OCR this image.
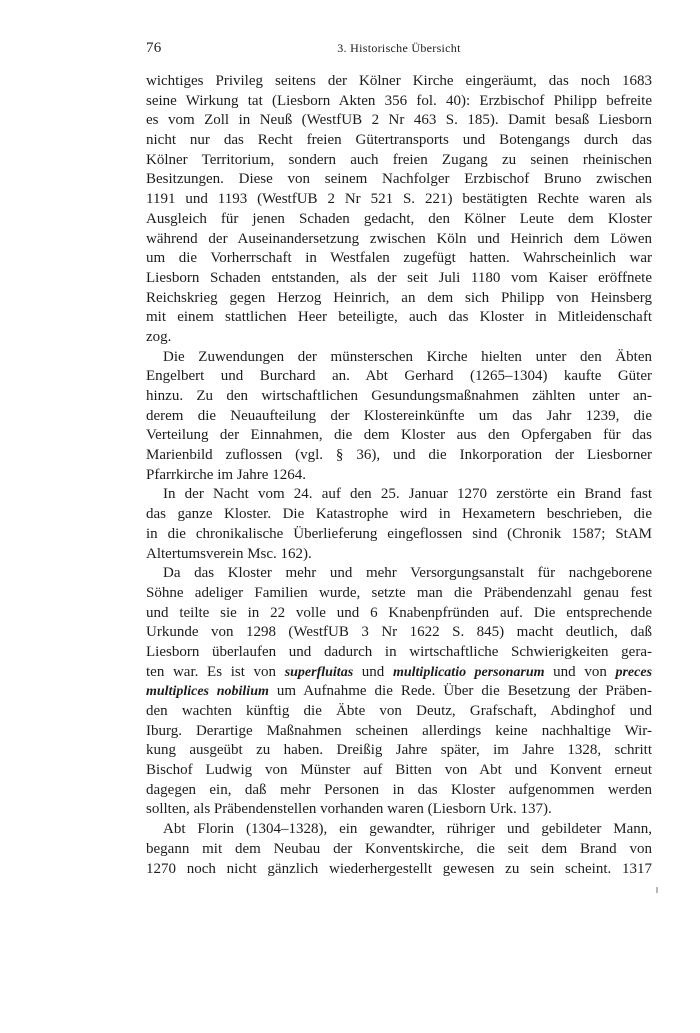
76	3. Historische Übersicht
wichtiges Privileg seitens der Kölner Kirche eingeräumt, das noch 1683
seine Wirkung tat (Liesborn Akten 356 fol. 40): Erzbischof Philipp befreite
es vom Zoll in Neuß (WestfUB 2 Nr 463 S. 185). Damit besaß Liesborn
nicht nur das Recht freien Gütertransports und Botengangs durch das
Kölner Territorium, sondern auch freien Zugang zu seinen rheinischen
Besitzungen. Diese von seinem Nachfolger Erzbischof Bruno zwischen
1191 und 1193 (WestfUB 2 Nr 521 S. 221) bestätigten Rechte waren als
Ausgleich für jenen Schaden gedacht, den Kölner Leute dem Kloster
während der Auseinandersetzung zwischen Köln und Heinrich dem Löwen
um die Vorherrschaft in Westfalen zugefügt hatten. Wahrscheinlich war
Liesborn Schaden entstanden, als der seit Juli 1180 vom Kaiser eröffnete
Reichskrieg gegen Herzog Heinrich, an dem sich Philipp von Heinsberg
mit einem stattlichen Heer beteiligte, auch das Kloster in Mitleidenschaft
zog.
Die Zuwendungen der münsterschen Kirche hielten unter den Äbten
Engelbert und Burchard an. Abt Gerhard (1265–1304) kaufte Güter
hinzu. Zu den wirtschaftlichen Gesundungsmaßnahmen zählten unter an-
derem die Neuaufteilung der Klostereinkünfte um das Jahr 1239, die
Verteilung der Einnahmen, die dem Kloster aus den Opfergaben für das
Marienbild zuflossen (vgl. § 36), und die Inkorporation der Liesborner
Pfarrkirche im Jahre 1264.
In der Nacht vom 24. auf den 25. Januar 1270 zerstörte ein Brand fast
das ganze Kloster. Die Katastrophe wird in Hexametern beschrieben, die
in die chronikalische Überlieferung eingeflossen sind (Chronik 1587; StAM
Altertumsverein Msc. 162).
Da das Kloster mehr und mehr Versorgungsanstalt für nachgeborene
Söhne adeliger Familien wurde, setzte man die Präbendenzahl genau fest
und teilte sie in 22 volle und 6 Knabenpfründen auf. Die entsprechende
Urkunde von 1298 (WestfUB 3 Nr 1622 S. 845) macht deutlich, daß
Liesborn überlaufen und dadurch in wirtschaftliche Schwierigkeiten gera-
ten war. Es ist von superfluitas und multiplicatio personarum und von preces
multiplices nobilium um Aufnahme die Rede. Über die Besetzung der Präben-
den wachten künftig die Äbte von Deutz, Grafschaft, Abdinghof und
Iburg. Derartige Maßnahmen scheinen allerdings keine nachhaltige Wir-
kung ausgeübt zu haben. Dreißig Jahre später, im Jahre 1328, schritt
Bischof Ludwig von Münster auf Bitten von Abt und Konvent erneut
dagegen ein, daß mehr Personen in das Kloster aufgenommen werden
sollten, als Präbendenstellen vorhanden waren (Liesborn Urk. 137).
Abt Florin (1304–1328), ein gewandter, rühriger und gebildeter Mann,
begann mit dem Neubau der Konventskirche, die seit dem Brand von
1270 noch nicht gänzlich wiederhergestellt gewesen zu sein scheint. 1317
